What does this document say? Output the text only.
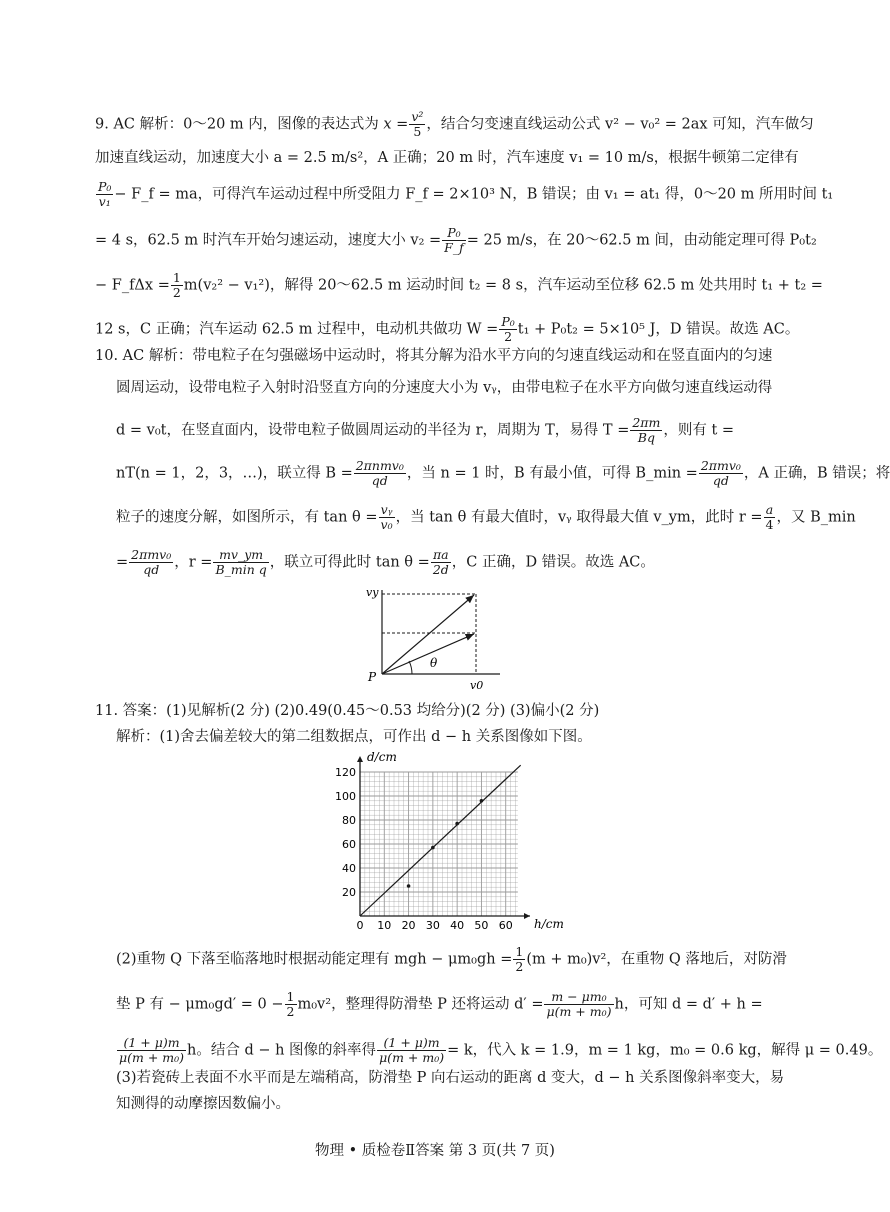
9. AC 解析：0～20 m 内，图像的表达式为 $x = \frac{\text{v²}}{5}$ ，结合匀变速直线运动公式 v² − v₀² = 2ax 可知，汽车做匀
加速直线运动，加速度大小 a = 2.5 m/s²，A 正确；20 m 时，汽车速度 v₁ = 10 m/s，根据牛顿第二定律有
$\frac{\text{P₀}}{\text{v₁}}$ − F_f = ma，可得汽车运动过程中所受阻力 F_f = 2×10³ N，B 错误；由 v₁ = at₁ 得，0～20 m 所用时间 t₁
= 4 s，62.5 m 时汽车开始匀速运动，速度大小 $v_2 = \frac{\text{P₀}}{F\_f} = 25$ m/s，在 20～62.5 m 间，由动能定理可得 P₀t₂
− F_fΔx = $\frac{1}{2} m(v_2^2 - v_1^2)$，解得 20～62.5 m 运动时间 t₂ = 8 s，汽车运动至位移 62.5 m 处共用时 t₁ + t₂ =
12 s，C 正确；汽车运动 62.5 m 过程中，电动机共做功 $W = \frac{\text{P₀}}{2} t_1 + P_0t_2 = 5\times 10^5$ J，D 错误。故选 AC。
10. AC 解析：带电粒子在匀强磁场中运动时，将其分解为沿水平方向的匀速直线运动和在竖直面内的匀速
圆周运动，设带电粒子入射时沿竖直方向的分速度大小为 vᵧ，由带电粒子在水平方向做匀速直线运动得
d = v₀t，在竖直面内，设带电粒子做圆周运动的半径为 r，周期为 T，易得 $T = \frac{2\pi m}{Bq}$ ，则有 t =
nT(n = 1，2，3，…)，联立得 $B = \frac{\text{2πnmv₀}}{qd}$ ，当 n = 1 时，B 有最小值，可得 B_min = $\frac{\text{2πmv₀}}{qd}$ ，A 正确，B 错误；将
粒子的速度分解，如图所示，有 $\tan \theta = \frac{\text{vᵧ}}{\text{v₀}}$ ，当 tan θ 有最大值时，vᵧ 取得最大值 v_ym，此时 $r = \frac{a}{4}$ ，又 B_min
= $\frac{\text{2πmv₀}}{qd}$ ，$r = \frac{mv\_ym}{\text{B\_min q}}$ ，联立可得此时 $\tan \theta = \frac{\pi a}{2d}$ ，C 正确，D 错误。故选 AC。
vy
P
θ
v0
11. 答案：(1)见解析(2 分) (2)0.49(0.45～0.53 均给分)(2 分) (3)偏小(2 分)
解析：(1)舍去偏差较大的第二组数据点，可作出 d − h 关系图像如下图。
0 10 20 30 40 50 60
20
40
60
80
100
120
d/cm
h/cm
(2)重物 Q 下落至临落地时根据动能定理有 mgh − $\mu m_0gh = \frac{1}{2} (m + m_0)v^2$，在重物 Q 落地后，对防滑
垫 P 有 − $\mu m_0gd' = 0 - \frac{1}{2} m_0v^2$，整理得防滑垫 P 还将运动 $d' = \frac{\text{m − μm₀}}{\text{μ(m + m₀)}}$ h，可知 d = d′ + h =
$\frac{(1 + \mu)m}{\text{μ(m + m₀)}}$ h。结合 d − h 图像的斜率得 $\frac{(1 + \mu)m}{\text{μ(m + m₀)}} = k$，代入 k = 1.9，m = 1 kg，m₀ = 0.6 kg，解得 μ = 0.49。
(3)若瓷砖上表面不水平而是左端稍高，防滑垫 P 向右运动的距离 d 变大，d − h 关系图像斜率变大，易
知测得的动摩擦因数偏小。
物理 • 质检卷Ⅱ答案 第 3 页(共 7 页)
